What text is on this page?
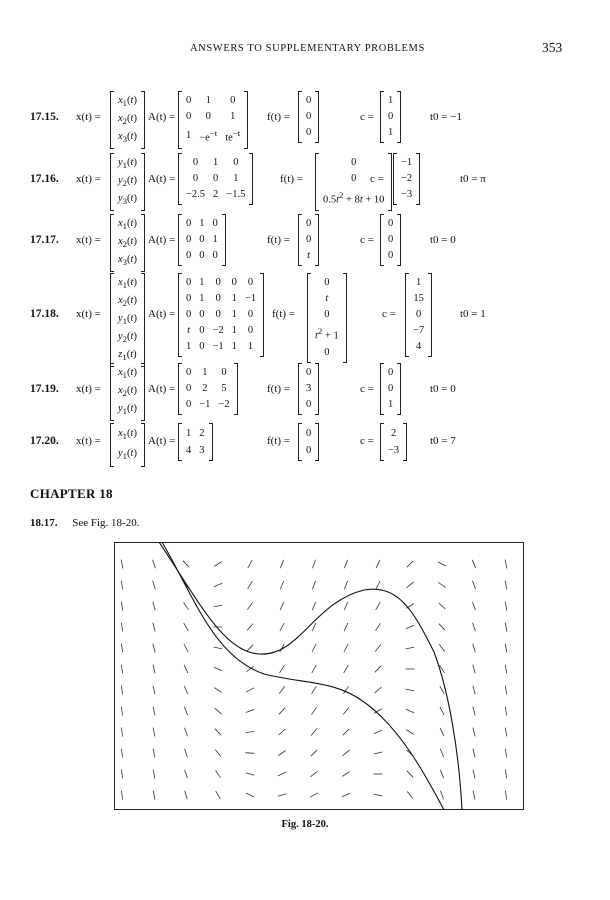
ANSWERS TO SUPPLEMENTARY PROBLEMS	353
17.15. x(t) =
$x_1(t)$
$x_2(t)$
$x_3(t)$
A(t) =
0	1	0
0	0	1
1	$-e^{-t}$	$te^{-t}$
f(t) =
0
0
0
c =
1
0
1
t0 = −1
17.16. x(t) =
$y_1(t)$
$y_2(t)$
$y_3(t)$
A(t) =
0	1	0
0	0	1
−2.5	2	−1.5
f(t) =
0
0
$0.5t^2 + 8t + 10$
c =
−1
−2
−3
t0 = π
17.17. x(t) =
$x_1(t)$
$x_2(t)$
$x_3(t)$
A(t) =
0	1	0
0	0	1
0	0	0
f(t) =
0
0
t
c =
0
0
0
t0 = 0
17.18. x(t) =
$x_1(t)$
$x_2(t)$
$y_1(t)$
$y_2(t)$
$z_1(t)$
A(t) =
0	1	0	0	0
0	1	0	1	−1
0	0	0	1	0
t	0	−2	1	0
1	0	−1	1	1
f(t) =
0
t
0
$t^2 + 1$
0
c =
1
15
0
−7
4
t0 = 1
17.19. x(t) =
$x_1(t)$
$x_2(t)$
$y_1(t)$
A(t) =
0	1	0
0	2	5
0	−1	−2
f(t) =
0
3
0
c =
0
0
1
t0 = 0
17.20. x(t) =
$x_1(t)$
$y_1(t)$
A(t) =
1	2
4	3
f(t) =
0
0
c =
2
−3
t0 = 7
CHAPTER 18
18.17. See Fig. 18-20.
Fig. 18-20.
